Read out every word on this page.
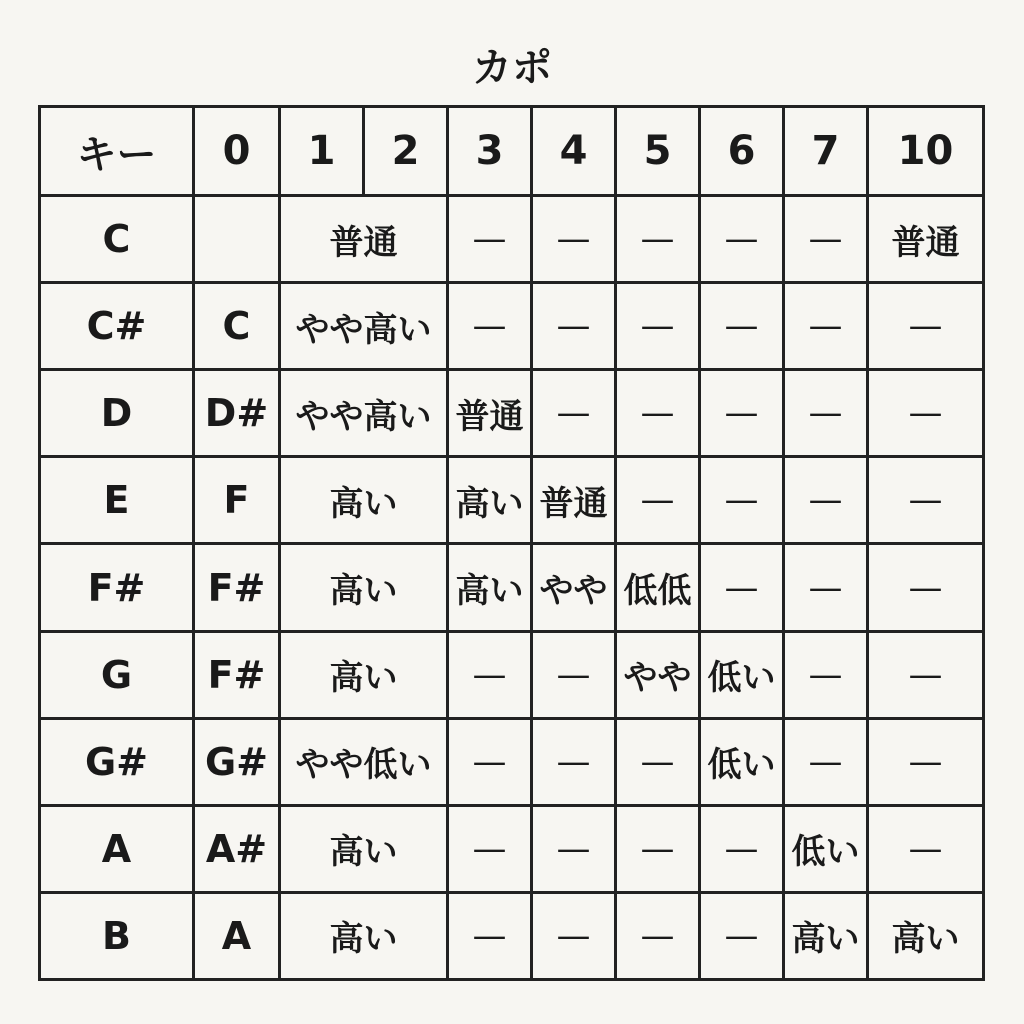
カポ
キー	0	1	2	3	4	5	6	7	10
C		普通		—	—	—	—	—	普通
C#	C	やや高い		—	—	—	—	—	—
D	D#	やや高い		普通	—	—	—	—	—
E	F	高い		高い	普通	—	—	—	—
F#	F#	高い		高い	やや	低低	—	—	—
G	F#	高い		—	—	やや	低い	—	—
G#	G#	やや低い		—	—	—	低い	—	—
A	A#	高い		—	—	—	—	低い	—
B	A	高い		—	—	—	—	高い	高い
